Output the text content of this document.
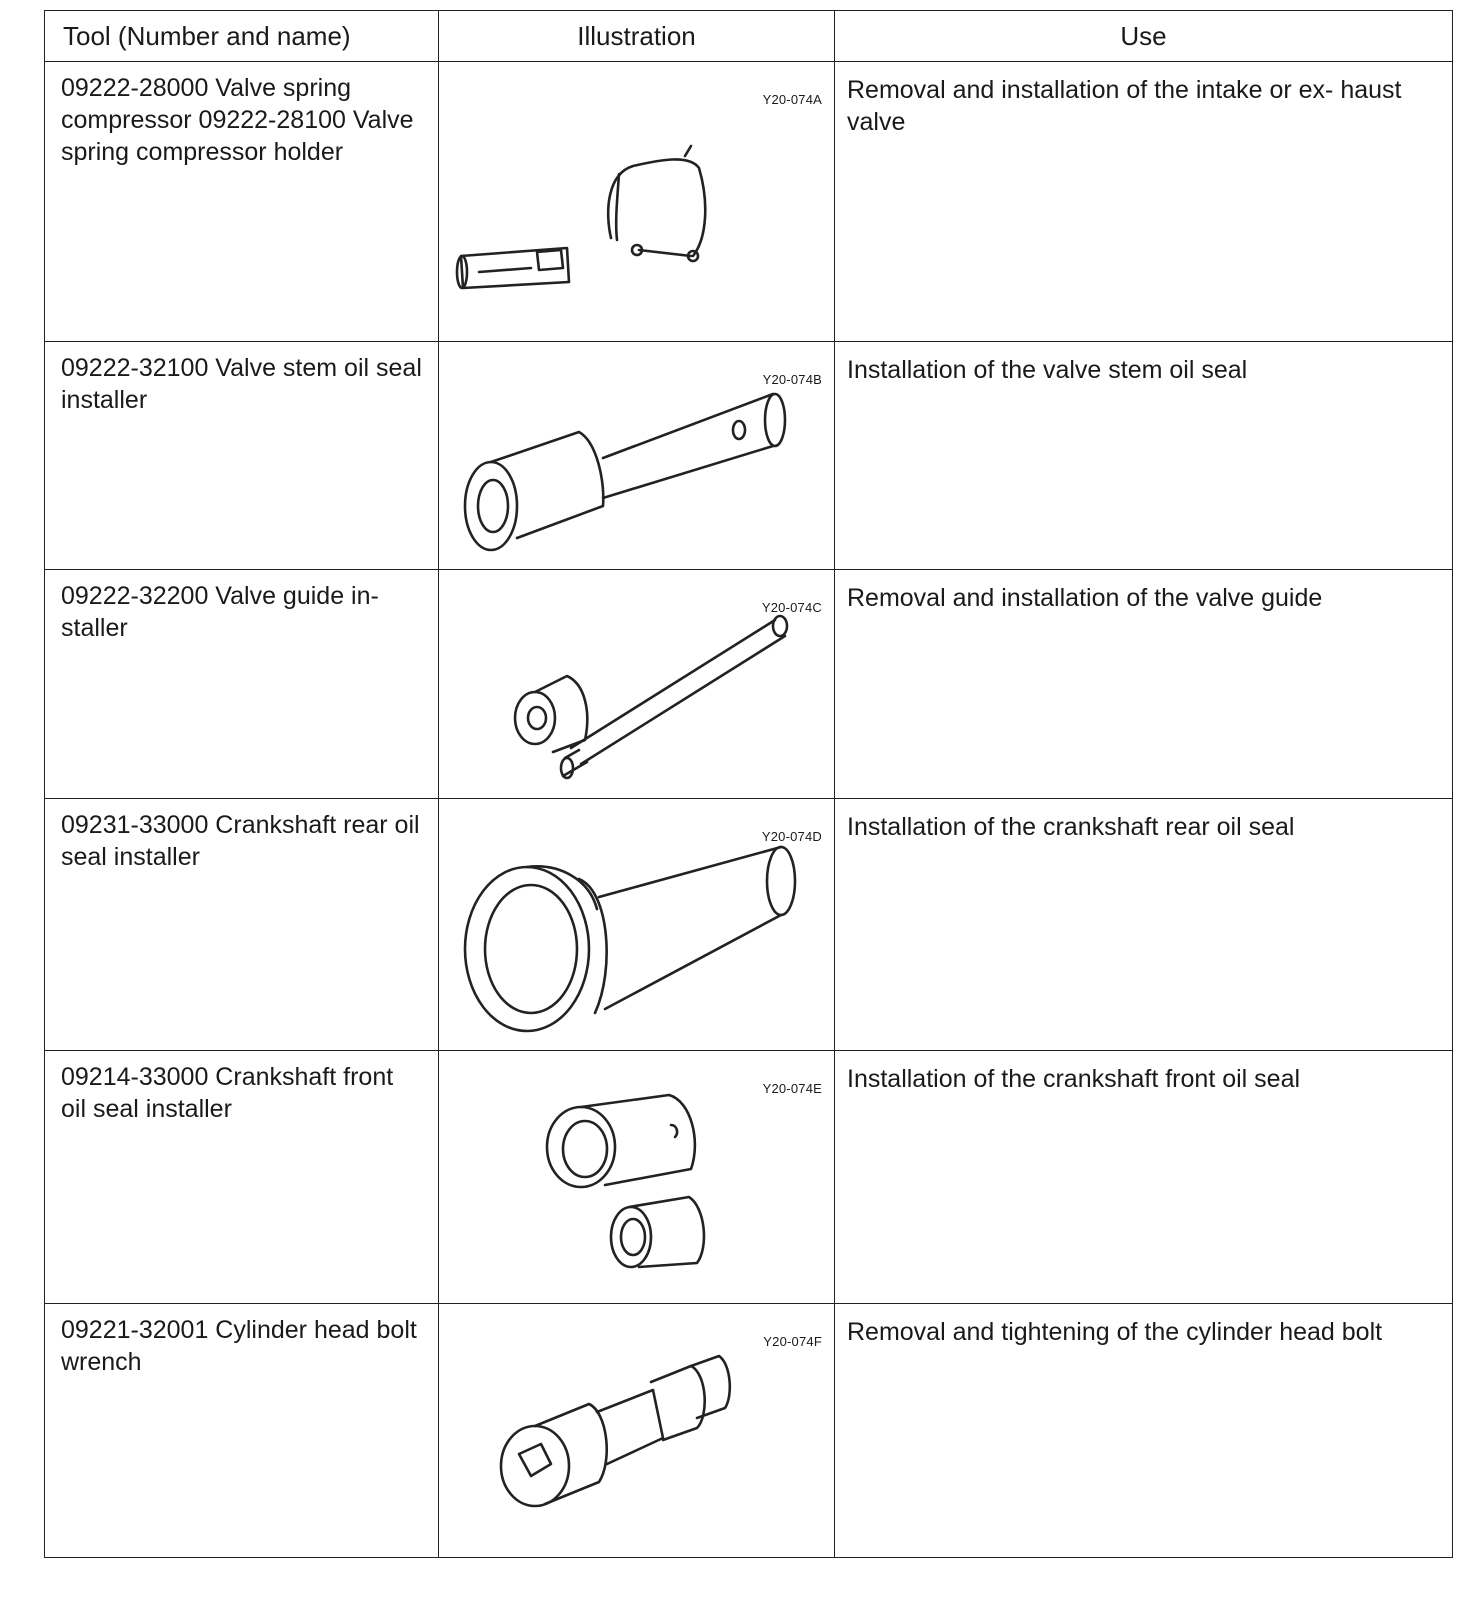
Tool (Number and name)	Illustration	Use
09222-28000 Valve spring compressor 09222-28100 Valve spring compressor holder	Y20-074A	Removal and installation of the intake or ex- haust valve
09222-32100 Valve stem oil seal installer	Y20-074B	Installation of the valve stem oil seal
09222-32200 Valve guide in- staller	Y20-074C	Removal and installation of the valve guide
09231-33000 Crankshaft rear oil seal installer	Y20-074D	Installation of the crankshaft rear oil seal
09214-33000 Crankshaft front oil seal installer	Y20-074E	Installation of the crankshaft front oil seal
09221-32001 Cylinder head bolt wrench	Y20-074F	Removal and tightening of the cylinder head bolt
